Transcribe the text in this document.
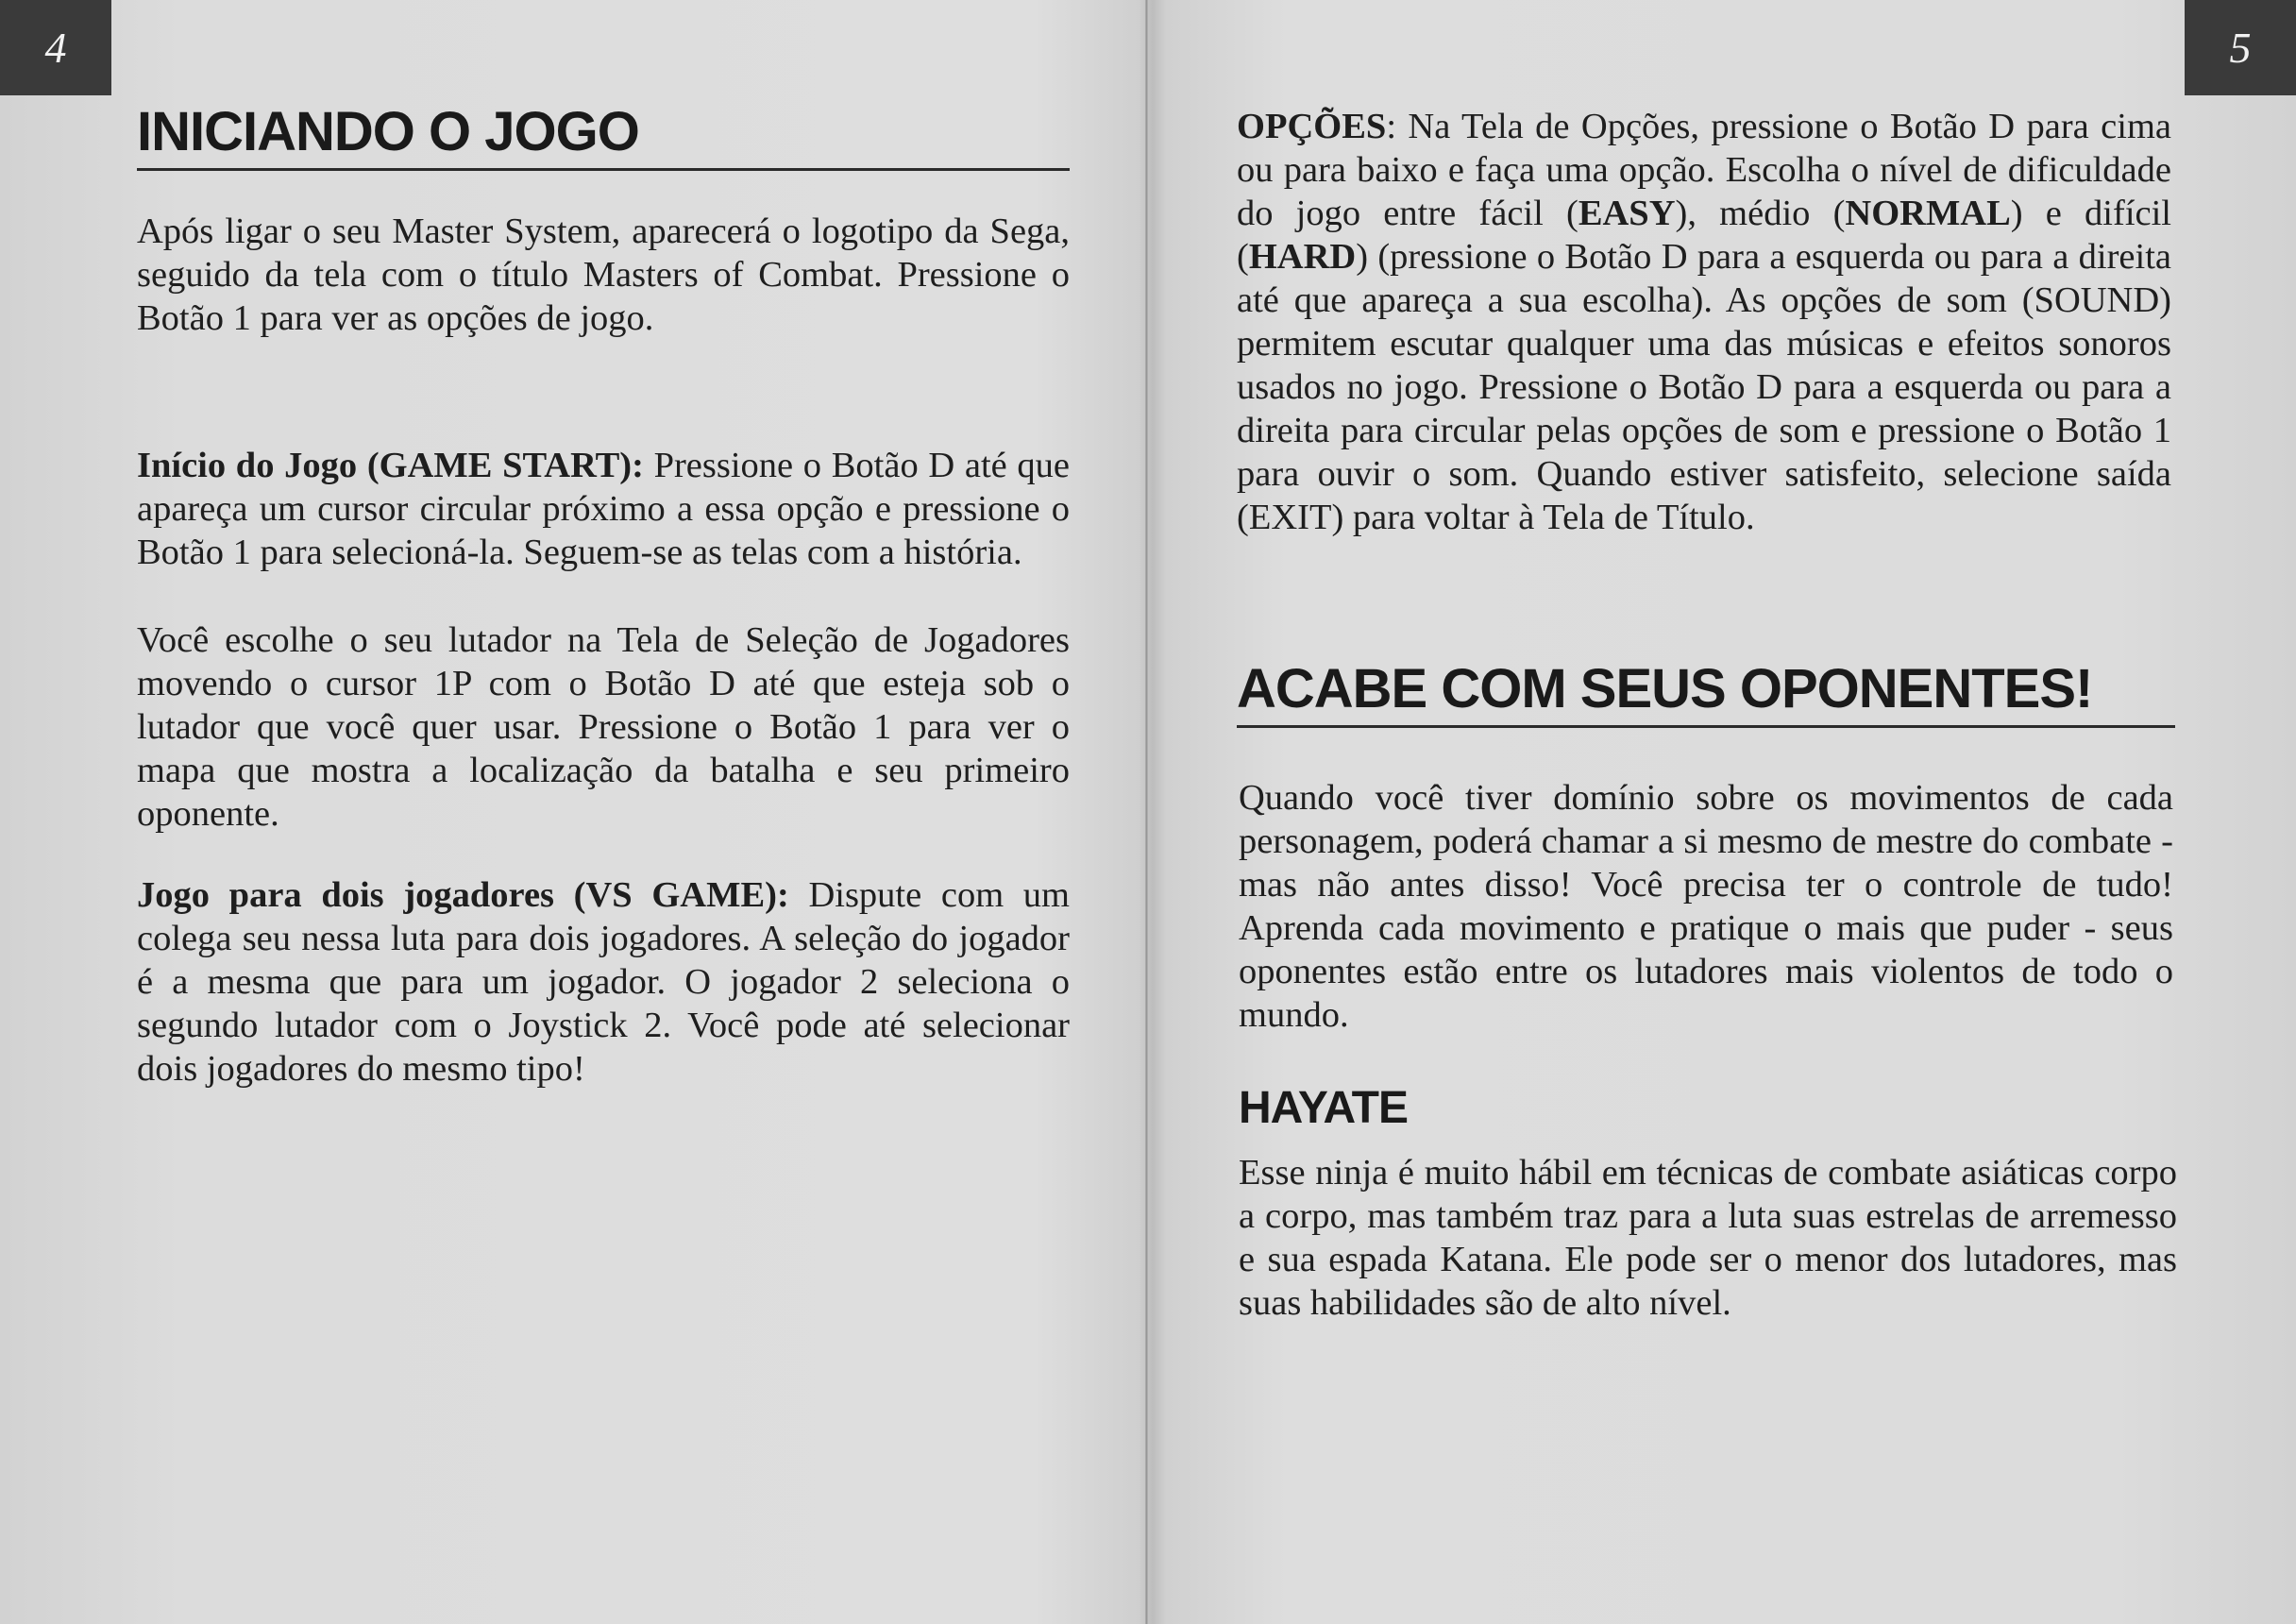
4
INICIANDO O JOGO

Após ligar o seu Master System, aparecerá o logotipo da Sega, seguido da tela com o título Masters of Combat. Pressione o Botão 1 para ver as opções de jogo.

Início do Jogo (GAME START): Pressione o Botão D até que apareça um cursor circular próximo a essa opção e pressione o Botão 1 para selecioná-la. Seguem-se as telas com a história.

Você escolhe o seu lutador na Tela de Seleção de Jogadores movendo o cursor 1P com o Botão D até que esteja sob o lutador que você quer usar. Pressione o Botão 1 para ver o mapa que mostra a localização da batalha e seu primeiro oponente.

Jogo para dois jogadores (VS GAME): Dispute com um colega seu nessa luta para dois jogadores. A seleção do jogador é a mesma que para um jogador. O jogador 2 seleciona o segundo lutador com o Joystick 2. Você pode até selecionar dois jogadores do mesmo tipo!

5

OPÇÕES: Na Tela de Opções, pressione o Botão D para cima ou para baixo e faça uma opção. Escolha o nível de dificuldade do jogo entre fácil (EASY), médio (NORMAL) e difícil (HARD) (pressione o Botão D para a esquerda ou para a direita até que apareça a sua escolha). As opções de som (SOUND) permitem escutar qualquer uma das músicas e efeitos sonoros usados no jogo. Pressione o Botão D para a esquerda ou para a direita para circular pelas opções de som e pressione o Botão 1 para ouvir o som. Quando estiver satisfeito, selecione saída (EXIT) para voltar à Tela de Título.

ACABE COM SEUS OPONENTES!

Quando você tiver domínio sobre os movimentos de cada personagem, poderá chamar a si mesmo de mestre do combate - mas não antes disso! Você precisa ter o controle de tudo! Aprenda cada movimento e pratique o mais que puder - seus oponentes estão entre os lutadores mais violentos de todo o mundo.

HAYATE

Esse ninja é muito hábil em técnicas de combate asiáticas corpo a corpo, mas também traz para a luta suas estrelas de arremesso e sua espada Katana. Ele pode ser o menor dos lutadores, mas suas habilidades são de alto nível.
